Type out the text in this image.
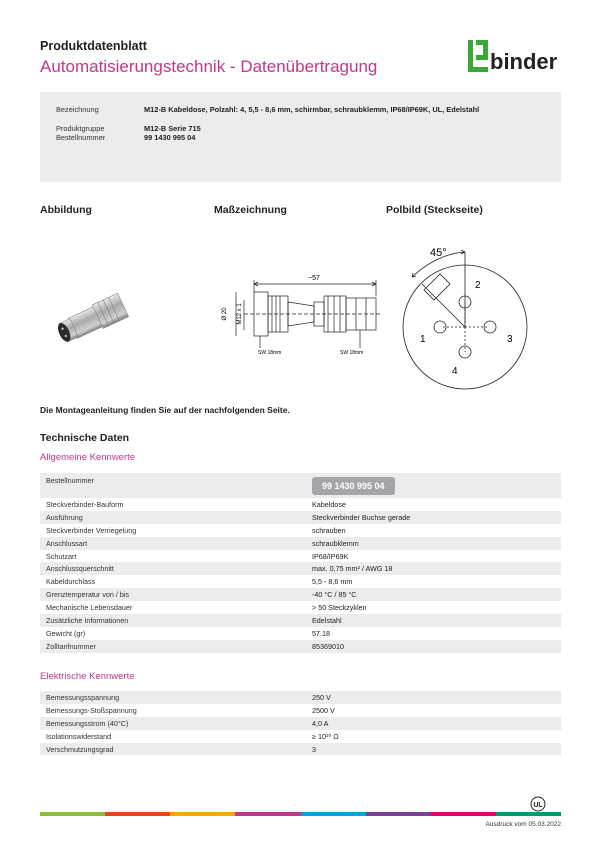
Produktdatenblatt
Automatisierungstechnik - Datenübertragung	binder
Bezeichnung	M12-B Kabeldose, Polzahl: 4, 5,5 - 8,6 mm, schirmbar, schraubklemm, IP68/IP69K, UL, Edelstahl
Produktgruppe	M12-B Serie 715
Bestellnummer	99 1430 995 04
Abbildung	Maßzeichnung	Polbild (Steckseite)
~57
Ø 20 M12 x 1
SW 18mm	SW 18mm
45°
1
2
3
4
Die Montageanleitung finden Sie auf der nachfolgenden Seite.
Technische Daten
Allgemeine Kennwerte
Bestellnummer	99 1430 995 04
Steckverbinder-Bauform	Kabeldose
Ausführung	Steckverbinder Buchse gerade
Steckverbinder Verriegelung	schrauben
Anschlussart	schraubklemm
Schutzart	IP68/IP69K
Anschlussquerschnitt	max. 0,75 mm² / AWG 18
Kabeldurchlass	5,5 - 8,6 mm
Grenztemperatur von / bis	-40 °C / 85 °C
Mechanische Lebensdauer	> 50 Steckzyklen
Zusätzliche Informationen	Edelstahl
Gewicht (gr)	57.18
Zolltarifnummer	85369010
Elektrische Kennwerte
Bemessungsspannung	250 V
Bemessungs-Stoßspannung	2500 V
Bemessungsstrom (40°C)	4,0 A
Isolationswiderstand	≥ 10¹⁰ Ω
Verschmutzungsgrad	3
UL
Ausdruck vom 05.03.2022
